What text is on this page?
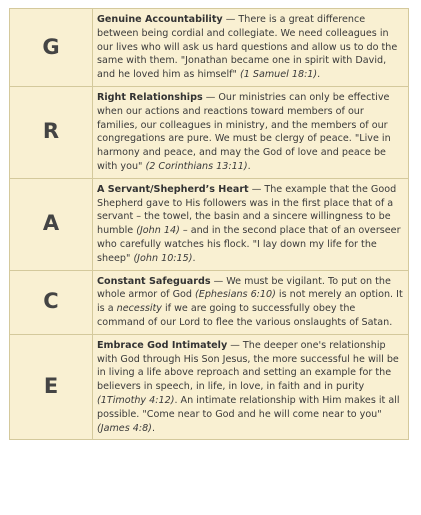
G	Genuine Accountability — There is a great difference between being cordial and collegiate. We need colleagues in our lives who will ask us hard questions and allow us to do the same with them. "Jonathan became one in spirit with David, and he loved him as himself" (1 Samuel 18:1).
R	Right Relationships — Our ministries can only be effective when our actions and reactions toward members of our families, our colleagues in ministry, and the members of our congregations are pure. We must be clergy of peace. "Live in harmony and peace, and may the God of love and peace be with you" (2 Corinthians 13:11).
A	A Servant/Shepherd’s Heart — The example that the Good Shepherd gave to His followers was in the first place that of a servant – the towel, the basin and a sincere willingness to be humble (John 14) – and in the second place that of an overseer who carefully watches his flock. "I lay down my life for the sheep" (John 10:15).
C	Constant Safeguards — We must be vigilant. To put on the whole armor of God (Ephesians 6:10) is not merely an option. It is a necessity if we are going to successfully obey the command of our Lord to flee the various onslaughts of Satan.
E	Embrace God Intimately — The deeper one's relationship with God through His Son Jesus, the more successful he will be in living a life above reproach and setting an example for the believers in speech, in life, in love, in faith and in purity (1Timothy 4:12). An intimate relationship with Him makes it all possible. "Come near to God and he will come near to you" (James 4:8).
